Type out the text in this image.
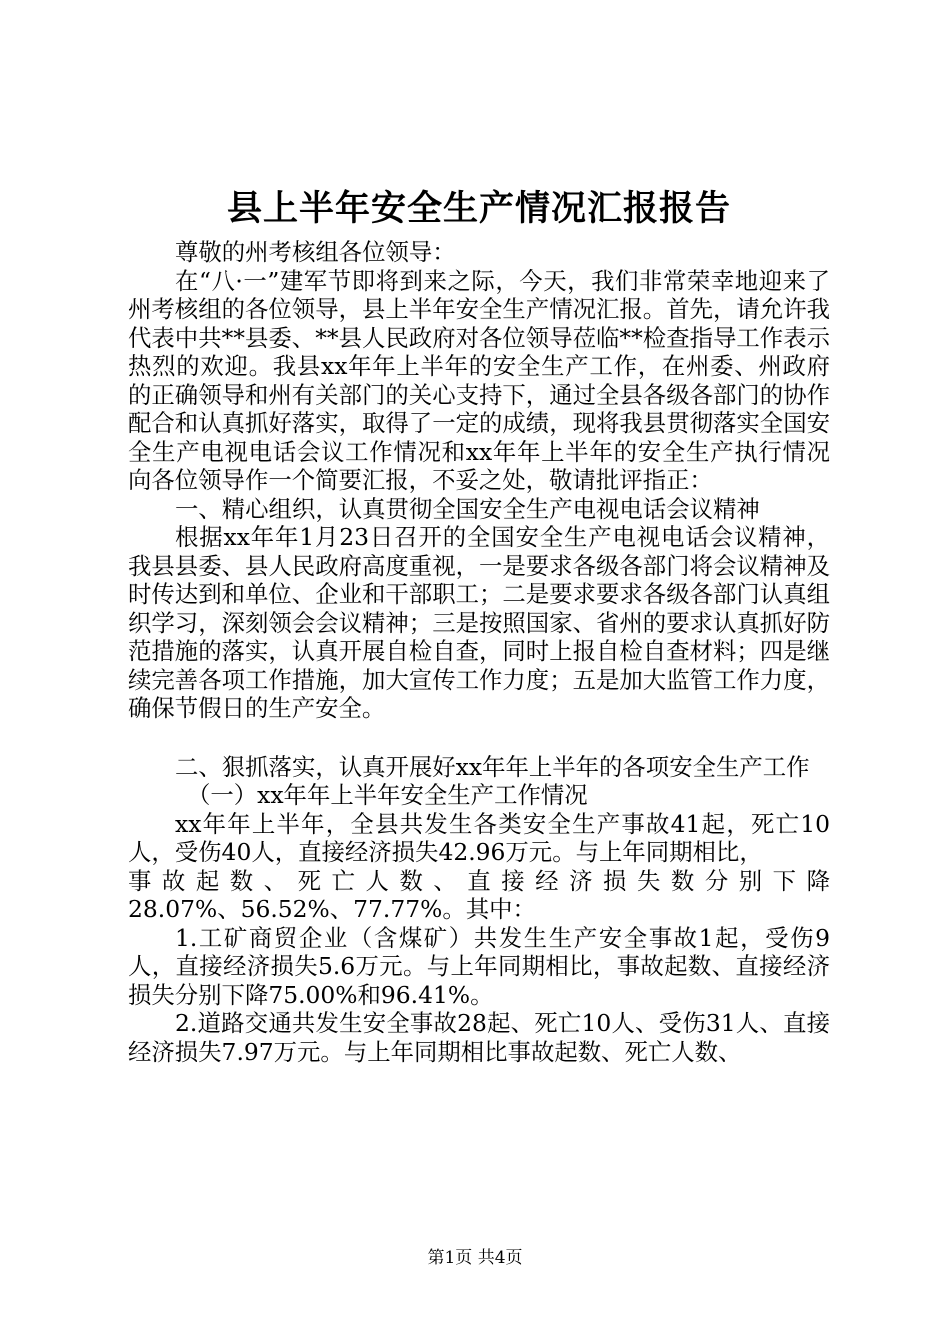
县上半年安全生产情况汇报报告

尊敬的州考核组各位领导：

在“八·一”建军节即将到来之际，今天，我们非常荣幸地迎来了州考核组的各位领导，县上半年安全生产情况汇报。首先，请允许我代表中共**县委、**县人民政府对各位领导莅临**检查指导工作表示热烈的欢迎。我县xx年年上半年的安全生产工作，在州委、州政府的正确领导和州有关部门的关心支持下，通过全县各级各部门的协作配合和认真抓好落实，取得了一定的成绩，现将我县贯彻落实全国安全生产电视电话会议工作情况和xx年年上半年的安全生产执行情况向各位领导作一个简要汇报，不妥之处，敬请批评指正：

一、精心组织，认真贯彻全国安全生产电视电话会议精神

根据xx年年1月23日召开的全国安全生产电视电话会议精神，我县县委、县人民政府高度重视，一是要求各级各部门将会议精神及时传达到和单位、企业和干部职工；二是要求要求各级各部门认真组织学习，深刻领会会议精神；三是按照国家、省州的要求认真抓好防范措施的落实，认真开展自检自查，同时上报自检自查材料；四是继续完善各项工作措施，加大宣传工作力度；五是加大监管工作力度，确保节假日的生产安全。

二、狠抓落实，认真开展好xx年年上半年的各项安全生产工作

（一）xx年年上半年安全生产工作情况

xx年年上半年，全县共发生各类安全生产事故41起，死亡10人，受伤40人，直接经济损失42.96万元。与上年同期相比，

事故起数、死亡人数、直接经济损失数分别下降

28.07%、56.52%、77.77%。其中：

1.工矿商贸企业（含煤矿）共发生生产安全事故1起，受伤9人，直接经济损失5.6万元。与上年同期相比，事故起数、直接经济损失分别下降75.00%和96.41%。

2.道路交通共发生安全事故28起、死亡10人、受伤31人、直接经济损失7.97万元。与上年同期相比事故起数、死亡人数、

第1页 共4页
